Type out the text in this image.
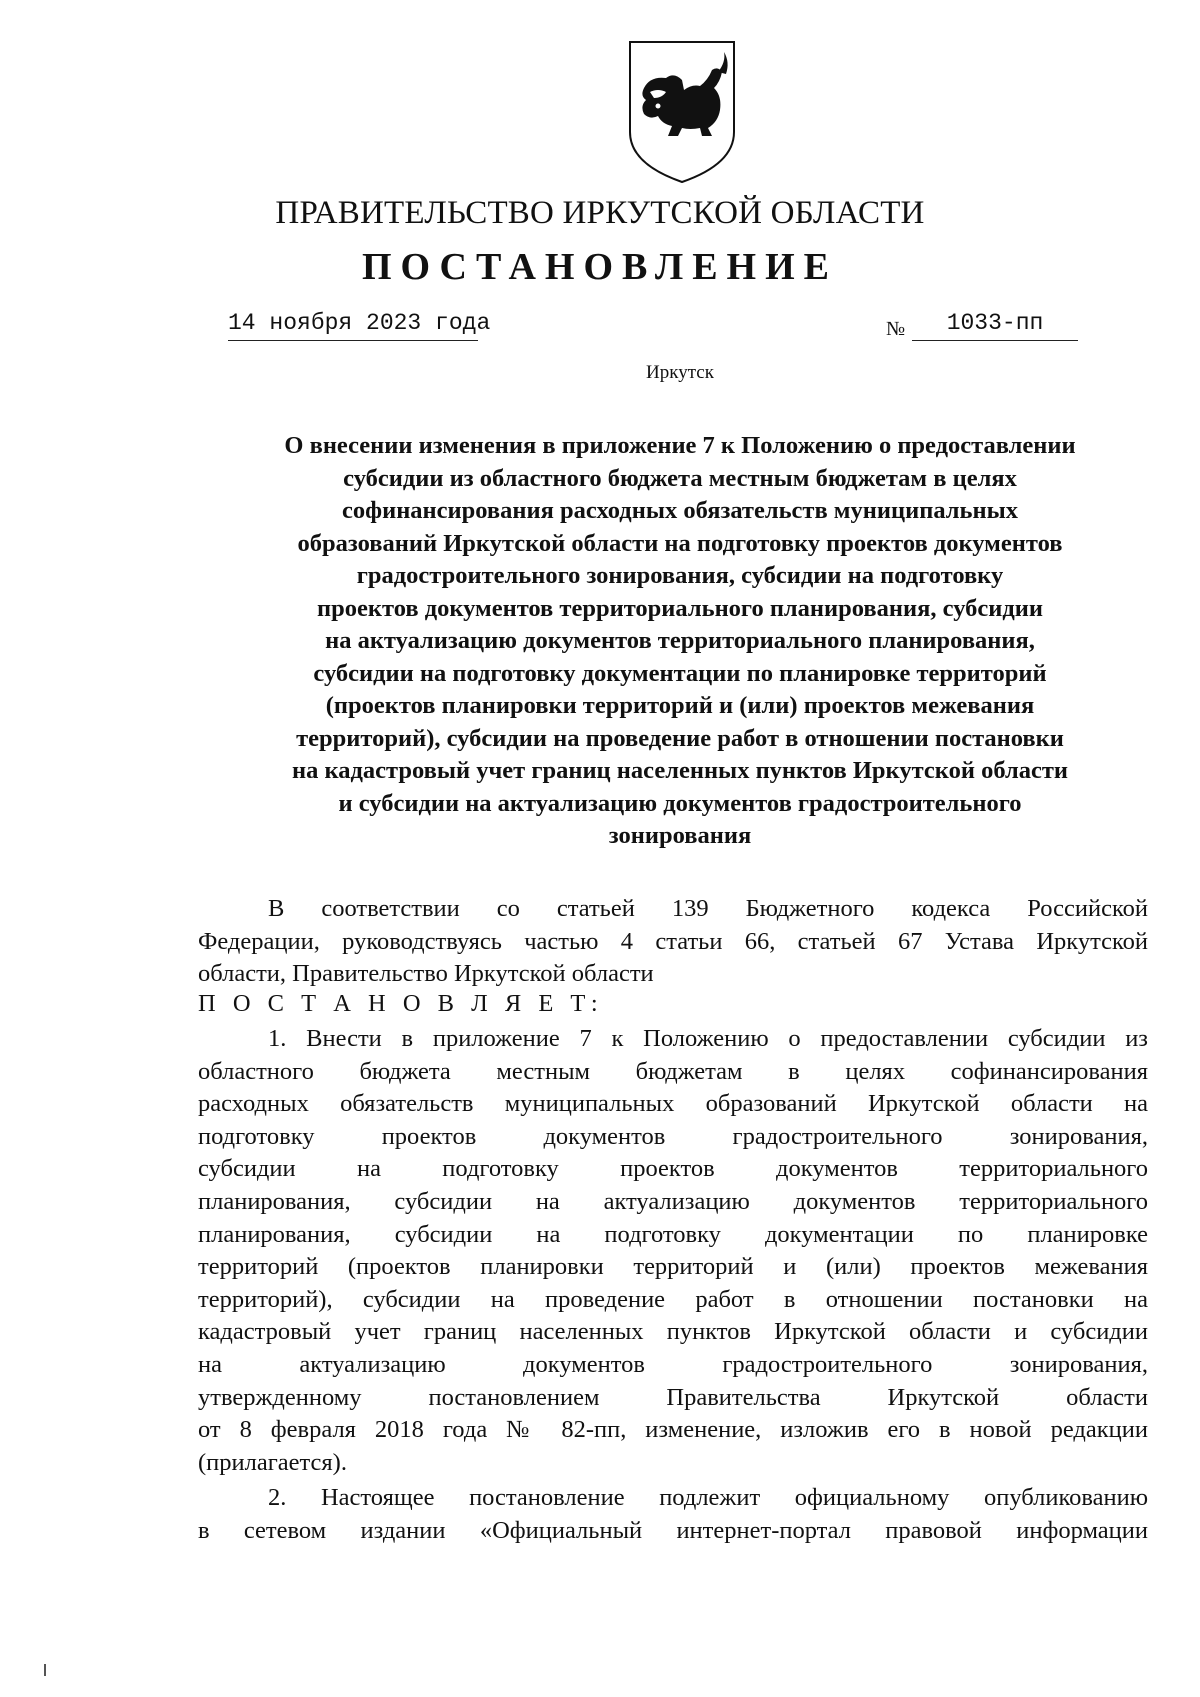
ПРАВИТЕЛЬСТВО ИРКУТСКОЙ ОБЛАСТИ
ПОСТАНОВЛЕНИЕ
14 ноября 2023 года	№	1033-пп
Иркутск
О внесении изменения в приложение 7 к Положению о предоставлении
субсидии из областного бюджета местным бюджетам в целях
софинансирования расходных обязательств муниципальных
образований Иркутской области на подготовку проектов документов
градостроительного зонирования, субсидии на подготовку
проектов документов территориального планирования, субсидии
на актуализацию документов территориального планирования,
субсидии на подготовку документации по планировке территорий
(проектов планировки территорий и (или) проектов межевания
территорий), субсидии на проведение работ в отношении постановки
на кадастровый учет границ населенных пунктов Иркутской области
и субсидии на актуализацию документов градостроительного
зонирования
В соответствии со статьей 139 Бюджетного кодекса Российской
Федерации, руководствуясь частью 4 статьи 66, статьей 67 Устава Иркутской
области, Правительство Иркутской области
П О С Т А Н О В Л Я Е Т:
1. Внести в приложение 7 к Положению о предоставлении субсидии из
областного бюджета местным бюджетам в целях софинансирования
расходных обязательств муниципальных образований Иркутской области на
подготовку проектов документов градостроительного зонирования,
субсидии на подготовку проектов документов территориального
планирования, субсидии на актуализацию документов территориального
планирования, субсидии на подготовку документации по планировке
территорий (проектов планировки территорий и (или) проектов межевания
территорий), субсидии на проведение работ в отношении постановки на
кадастровый учет границ населенных пунктов Иркутской области и субсидии
на актуализацию документов градостроительного зонирования,
утвержденному постановлением Правительства Иркутской области
от 8 февраля 2018 года № 82-пп, изменение, изложив его в новой редакции
(прилагается).
2. Настоящее постановление подлежит официальному опубликованию
в сетевом издании «Официальный интернет-портал правовой информации
